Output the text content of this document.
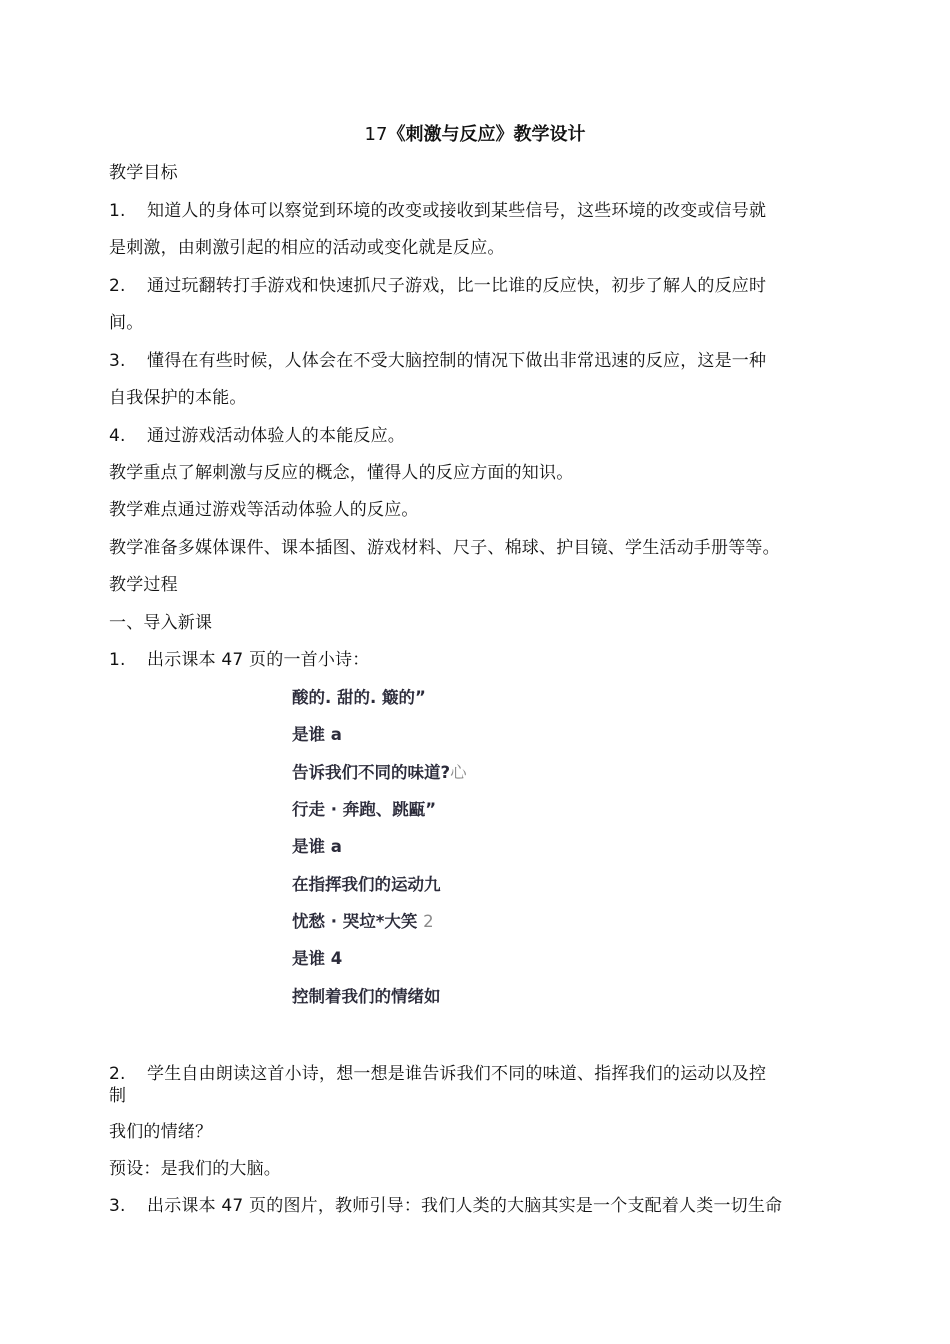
17《刺激与反应》教学设计
教学目标
1. 知道人的身体可以察觉到环境的改变或接收到某些信号，这些环境的改变或信号就
是刺激，由刺激引起的相应的活动或变化就是反应。
2. 通过玩翻转打手游戏和快速抓尺子游戏，比一比谁的反应快，初步了解人的反应时
间。
3. 懂得在有些时候，人体会在不受大脑控制的情况下做出非常迅速的反应，这是一种
自我保护的本能。
4. 通过游戏活动体验人的本能反应。
教学重点了解刺激与反应的概念，懂得人的反应方面的知识。
教学难点通过游戏等活动体验人的反应。
教学准备多媒体课件、课本插图、游戏材料、尺子、棉球、护目镜、学生活动手册等等。
教学过程
一、导入新课
1. 出示课本 47 页的一首小诗：
酸的. 甜的. 簸的”
是谁 a
告诉我们不同的味道?心
行走 · 奔跑、跳甌”
是谁 a
在指挥我们的运动九
忧愁 · 哭垃*大笑 2
是谁 4
控制着我们的情绪如
2. 学生自由朗读这首小诗，想一想是谁告诉我们不同的味道、指挥我们的运动以及控
制
我们的情绪？
预设：是我们的大脑。
3. 出示课本 47 页的图片，教师引导：我们人类的大脑其实是一个支配着人类一切生命
